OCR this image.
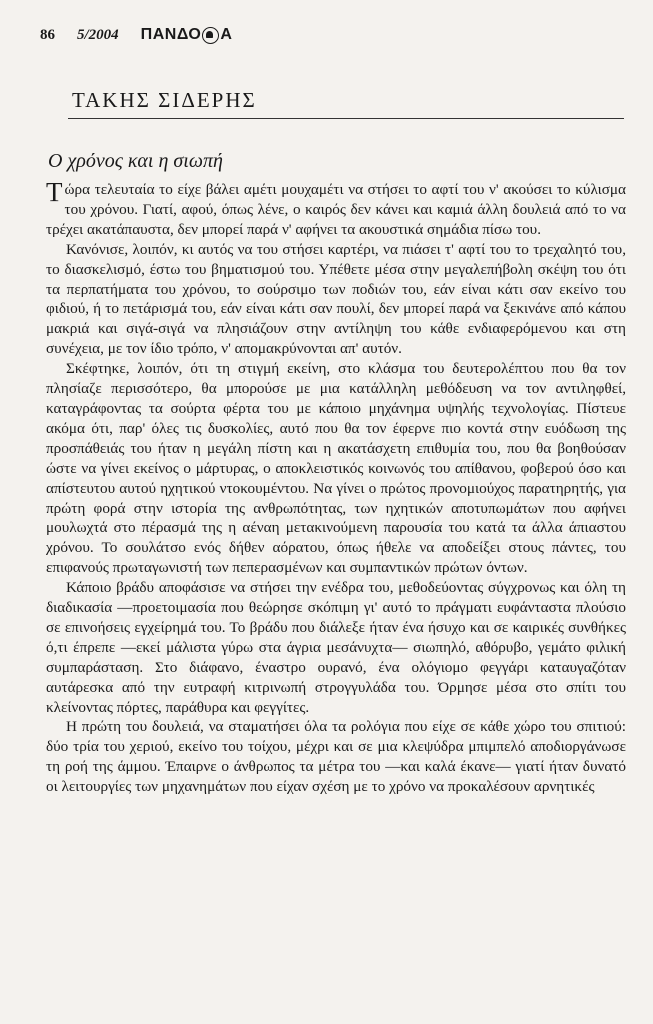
86 5/2004 ΠΑΝΔΟ Α
ΤΑΚΗΣ ΣΙΔΕΡΗΣ
Ο χρόνος και η σιωπή

Τώρα τελευταία το είχε βάλει αμέτι μουχαμέτι να στήσει το αφτί του ν' ακούσει το κύλισμα του χρόνου. Γιατί, αφού, όπως λένε, ο καιρός δεν κάνει και καμιά άλλη δουλειά από το να τρέχει ακατάπαυστα, δεν μπορεί παρά ν' αφήνει τα ακουστικά σημάδια πίσω του.

Κανόνισε, λοιπόν, κι αυτός να του στήσει καρτέρι, να πιάσει τ' αφτί του το τρεχαλητό του, το διασκελισμό, έστω του βηματισμού του. Υπέθετε μέσα στην μεγαλεπήβολη σκέψη του ότι τα περπατήματα του χρόνου, το σούρσιμο των ποδιών του, εάν είναι κάτι σαν εκείνο του φιδιού, ή το πετάρισμά του, εάν είναι κάτι σαν πουλί, δεν μπορεί παρά να ξεκινάνε από κάπου μακριά και σιγά-σιγά να πλησιάζουν στην αντίληψη του κάθε ενδιαφερόμενου και στη συνέχεια, με τον ίδιο τρόπο, ν' απομακρύνονται απ' αυτόν.

Σκέφτηκε, λοιπόν, ότι τη στιγμή εκείνη, στο κλάσμα του δευτερολέπτου που θα τον πλησίαζε περισσότερο, θα μπορούσε με μια κατάλληλη μεθόδευση να τον αντιληφθεί, καταγράφοντας τα σούρτα φέρτα του με κάποιο μηχάνημα υψηλής τεχνολογίας. Πίστευε ακόμα ότι, παρ' όλες τις δυσκολίες, αυτό που θα τον έφερνε πιο κοντά στην ευόδωση της προσπάθειάς του ήταν η μεγάλη πίστη και η ακατάσχετη επιθυμία του, που θα βοηθούσαν ώστε να γίνει εκείνος ο μάρτυρας, ο αποκλειστικός κοινωνός του απίθανου, φοβερού όσο και απίστευτου αυτού ηχητικού ντοκουμέντου. Να γίνει ο πρώτος προνομιούχος παρατηρητής, για πρώτη φορά στην ιστορία της ανθρωπότητας, των ηχητικών αποτυπωμάτων που αφήνει μουλωχτά στο πέρασμά της η αέναη μετακινούμενη παρουσία του κατά τα άλλα άπιαστου χρόνου. Το σουλάτσο ενός δήθεν αόρατου, όπως ήθελε να αποδείξει στους πάντες, του επιφανούς πρωταγωνιστή των πεπερασμένων και συμπαντικών πρώτων όντων.

Κάποιο βράδυ αποφάσισε να στήσει την ενέδρα του, μεθοδεύοντας σύγχρονως και όλη τη διαδικασία —προετοιμασία που θεώρησε σκόπιμη γι' αυτό το πράγματι ευφάνταστα πλούσιο σε επινοήσεις εγχείρημά του. Το βράδυ που διάλεξε ήταν ένα ήσυχο και σε καιρικές συνθήκες ό,τι έπρεπε —εκεί μάλιστα γύρω στα άγρια μεσάνυχτα— σιωπηλό, αθόρυβο, γεμάτο φιλική συμπαράσταση. Στο διάφανο, έναστρο ουρανό, ένα ολόγιομο φεγγάρι καταυγαζόταν αυτάρεσκα από την ευτραφή κιτρινωπή στρογγυλάδα του. Όρμησε μέσα στο σπίτι του κλείνοντας πόρτες, παράθυρα και φεγγίτες.

Η πρώτη του δουλειά, να σταματήσει όλα τα ρολόγια που είχε σε κάθε χώρο του σπιτιού: δύο τρία του χεριού, εκείνο του τοίχου, μέχρι και σε μια κλεψύδρα μπιμπελό αποδιοργάνωσε τη ροή της άμμου. Έπαιρνε ο άνθρωπος τα μέτρα του —και καλά έκανε— γιατί ήταν δυνατό οι λειτουργίες των μηχανημάτων που είχαν σχέση με το χρόνο να προκαλέσουν αρνητικές
